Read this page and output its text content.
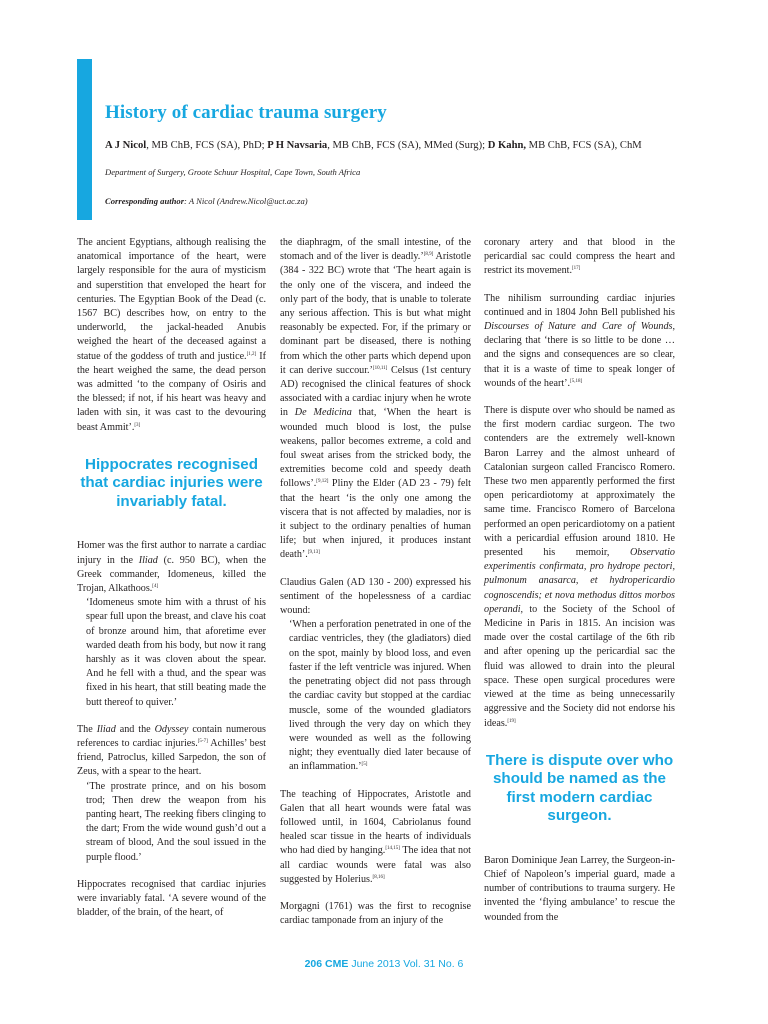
History of cardiac trauma surgery
A J Nicol, MB ChB, FCS (SA), PhD; P H Navsaria, MB ChB, FCS (SA), MMed (Surg); D Kahn, MB ChB, FCS (SA), ChM
Department of Surgery, Groote Schuur Hospital, Cape Town, South Africa
Corresponding author: A Nicol (Andrew.Nicol@uct.ac.za)

The ancient Egyptians, although realising the anatomical importance of the heart, were largely responsible for the aura of mysticism and superstition that enveloped the heart for centuries. The Egyptian Book of the Dead (c. 1567 BC) describes how, on entry to the underworld, the jackal-headed Anubis weighed the heart of the deceased against a statue of the goddess of truth and justice.[1,2] If the heart weighed the same, the dead person was admitted ‘to the company of Osiris and the blessed; if not, if his heart was heavy and laden with sin, it was cast to the devouring beast Ammit’.[3]

Hippocrates recognised that cardiac injuries were invariably fatal.

Homer was the first author to narrate a cardiac injury in the Iliad (c. 950 BC), when the Greek commander, Idomeneus, killed the Trojan, Alkathoos.[4]

‘Idomeneus smote him with a thrust of his spear full upon the breast, and clave his coat of bronze around him, that aforetime ever warded death from his body, but now it rang harshly as it was cloven about the spear. And he fell with a thud, and the spear was fixed in his heart, that still beating made the butt thereof to quiver.’

The Iliad and the Odyssey contain numerous references to cardiac injuries.[5-7] Achilles’ best friend, Patroclus, killed Sarpedon, the son of Zeus, with a spear to the heart.

‘The prostrate prince, and on his bosom trod; Then drew the weapon from his panting heart, The reeking fibers clinging to the dart; From the wide wound gush’d out a stream of blood, And the soul issued in the purple flood.’

Hippocrates recognised that cardiac injuries were invariably fatal. ‘A severe wound of the bladder, of the brain, of the heart, of

the diaphragm, of the small intestine, of the stomach and of the liver is deadly.’[8,9] Aristotle (384 - 322 BC) wrote that ‘The heart again is the only one of the viscera, and indeed the only part of the body, that is unable to tolerate any serious affection. This is but what might reasonably be expected. For, if the primary or dominant part be diseased, there is nothing from which the other parts which depend upon it can derive succour.’[10,11] Celsus (1st century AD) recognised the clinical features of shock associated with a cardiac injury when he wrote in De Medicina that, ‘When the heart is wounded much blood is lost, the pulse weakens, pallor becomes extreme, a cold and foul sweat arises from the stricked body, the extremities become cold and speedy death follows’.[9,12] Pliny the Elder (AD 23 - 79) felt that the heart ‘is the only one among the viscera that is not affected by maladies, nor is it subject to the ordinary penalties of human life; but when injured, it produces instant death’.[9,13]

Claudius Galen (AD 130 - 200) expressed his sentiment of the hopelessness of a cardiac wound:

‘When a perforation penetrated in one of the cardiac ventricles, they (the gladiators) died on the spot, mainly by blood loss, and even faster if the left ventricle was injured. When the penetrating object did not pass through the cardiac cavity but stopped at the cardiac muscle, some of the wounded gladiators lived through the very day on which they were wounded as well as the following night; they eventually died later because of an inflammation.’[5]

The teaching of Hippocrates, Aristotle and Galen that all heart wounds were fatal was followed until, in 1604, Cabriolanus found healed scar tissue in the hearts of individuals who had died by hanging.[14,15] The idea that not all cardiac wounds were fatal was also suggested by Holerius.[8,16]

Morgagni (1761) was the first to recognise cardiac tamponade from an injury of the

coronary artery and that blood in the pericardial sac could compress the heart and restrict its movement.[17]

The nihilism surrounding cardiac injuries continued and in 1804 John Bell published his Discourses of Nature and Care of Wounds, declaring that ‘there is so little to be done … and the signs and consequences are so clear, that it is a waste of time to speak longer of wounds of the heart’.[5,18]

There is dispute over who should be named as the first modern cardiac surgeon. The two contenders are the extremely well-known Baron Larrey and the almost unheard of Catalonian surgeon called Francisco Romero. These two men apparently performed the first open pericardiotomy at approximately the same time. Francisco Romero of Barcelona performed an open pericardiotomy on a patient with a pericardial effusion around 1810. He presented his memoir, Observatio experimentis confirmata, pro hydrope pectori, pulmonum anasarca, et hydropericardio cognoscendis; et nova methodus dittos morbos operandi, to the Society of the School of Medicine in Paris in 1815. An incision was made over the costal cartilage of the 6th rib and after opening up the pericardial sac the fluid was allowed to drain into the pleural space. These open surgical procedures were viewed at the time as being unnecessarily aggressive and the Society did not endorse his ideas.[19]

There is dispute over who should be named as the first modern cardiac surgeon.

Baron Dominique Jean Larrey, the Surgeon-in-Chief of Napoleon’s imperial guard, made a number of contributions to trauma surgery. He invented the ‘flying ambulance’ to rescue the wounded from the

206 CME June 2013 Vol. 31 No. 6
